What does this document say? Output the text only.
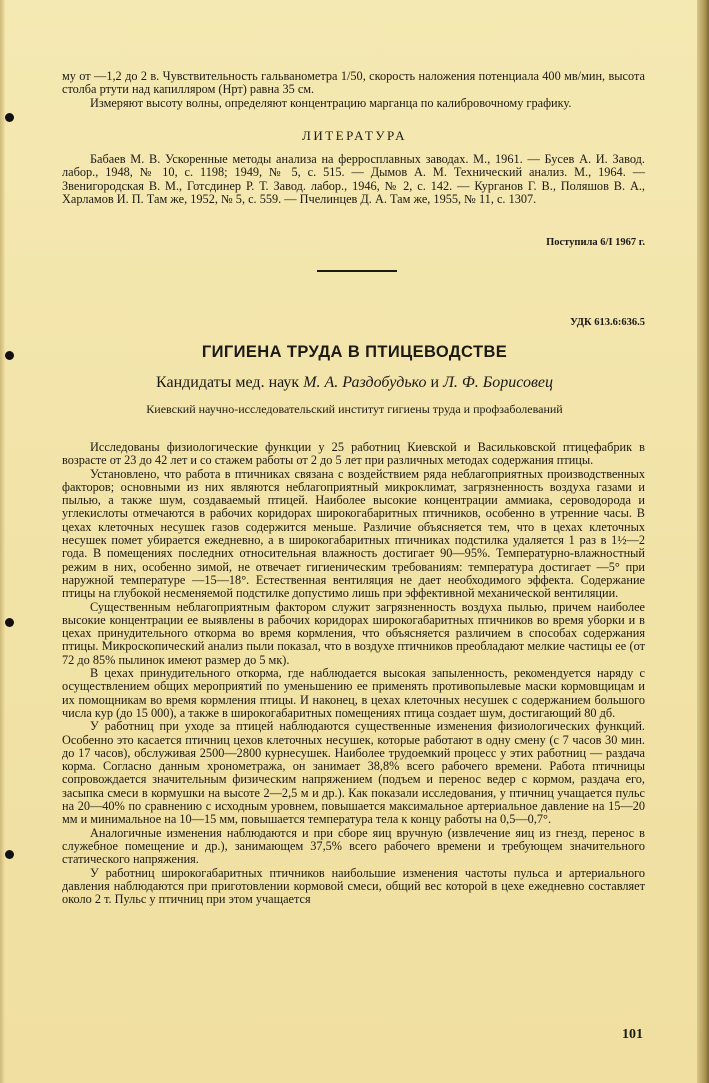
му от —1,2 до 2 в. Чувствительность гальванометра 1/50, скорость наложения потенциала 400 мв/мин, высота столба ртути над капилляром (Hрт) равна 35 см.

Измеряют высоту волны, определяют концентрацию марганца по калибровочному графику.

ЛИТЕРАТУРА

Бабаев М. В. Ускоренные методы анализа на ферросплавных заводах. М., 1961. — Бусев А. И. Завод. лабор., 1948, № 10, с. 1198; 1949, № 5, с. 515. — Дымов А. М. Технический анализ. М., 1964. — Звенигородская В. М., Готсдинер Р. Т. Завод. лабор., 1946, № 2, с. 142. — Курганов Г. В., Поляшов В. А., Харламов И. П. Там же, 1952, № 5, с. 559. — Пчелинцев Д. А. Там же, 1955, № 11, с. 1307.

Поступила 6/I 1967 г.
УДК 613.6:636.5
ГИГИЕНА ТРУДА В ПТИЦЕВОДСТВЕ
Кандидаты мед. наук М. А. Раздобудько и Л. Ф. Борисовец
Киевский научно-исследовательский институт гигиены труда и профзаболеваний

Исследованы физиологические функции у 25 работниц Киевской и Васильковской птицефабрик в возрасте от 23 до 42 лет и со стажем работы от 2 до 5 лет при различных методах содержания птицы.

Установлено, что работа в птичниках связана с воздействием ряда неблагоприятных производственных факторов; основными из них являются неблагоприятный микроклимат, загрязненность воздуха газами и пылью, а также шум, создаваемый птицей. Наиболее высокие концентрации аммиака, сероводорода и углекислоты отмечаются в рабочих коридорах широкогабаритных птичников, особенно в утренние часы. В цехах клеточных несушек газов содержится меньше. Различие объясняется тем, что в цехах клеточных несушек помет убирается ежедневно, а в широкогабаритных птичниках подстилка удаляется 1 раз в 1½—2 года. В помещениях последних относительная влажность достигает 90—95%. Температурно-влажностный режим в них, особенно зимой, не отвечает гигиеническим требованиям: температура достигает —5° при наружной температуре —15—18°. Естественная вентиляция не дает необходимого эффекта. Содержание птицы на глубокой несменяемой подстилке допустимо лишь при эффективной механической вентиляции.

Существенным неблагоприятным фактором служит загрязненность воздуха пылью, причем наиболее высокие концентрации ее выявлены в рабочих коридорах широкогабаритных птичников во время уборки и в цехах принудительного откорма во время кормления, что объясняется различием в способах содержания птицы. Микроскопический анализ пыли показал, что в воздухе птичников преобладают мелкие частицы ее (от 72 до 85% пылинок имеют размер до 5 мк).

В цехах принудительного откорма, где наблюдается высокая запыленность, рекомендуется наряду с осуществлением общих мероприятий по уменьшению ее применять противопылевые маски кормовщицам и их помощникам во время кормления птицы. И наконец, в цехах клеточных несушек с содержанием большого числа кур (до 15 000), а также в широкогабаритных помещениях птица создает шум, достигающий 80 дб.

У работниц при уходе за птицей наблюдаются существенные изменения физиологических функций. Особенно это касается птичниц цехов клеточных несушек, которые работают в одну смену (с 7 часов 30 мин. до 17 часов), обслуживая 2500—2800 курнесушек. Наиболее трудоемкий процесс у этих работниц — раздача корма. Согласно данным хронометража, он занимает 38,8% всего рабочего времени. Работа птичницы сопровождается значительным физическим напряжением (подъем и перенос ведер с кормом, раздача его, засыпка смеси в кормушки на высоте 2—2,5 м и др.). Как показали исследования, у птичниц учащается пульс на 20—40% по сравнению с исходным уровнем, повышается максимальное артериальное давление на 15—20 мм и минимальное на 10—15 мм, повышается температура тела к концу работы на 0,5—0,7°.

Аналогичные изменения наблюдаются и при сборе яиц вручную (извлечение яиц из гнезд, перенос в служебное помещение и др.), занимающем 37,5% всего рабочего времени и требующем значительного статического напряжения.

У работниц широкогабаритных птичников наибольшие изменения частоты пульса и артериального давления наблюдаются при приготовлении кормовой смеси, общий вес которой в цехе ежедневно составляет около 2 т. Пульс у птичниц при этом учащается

101
